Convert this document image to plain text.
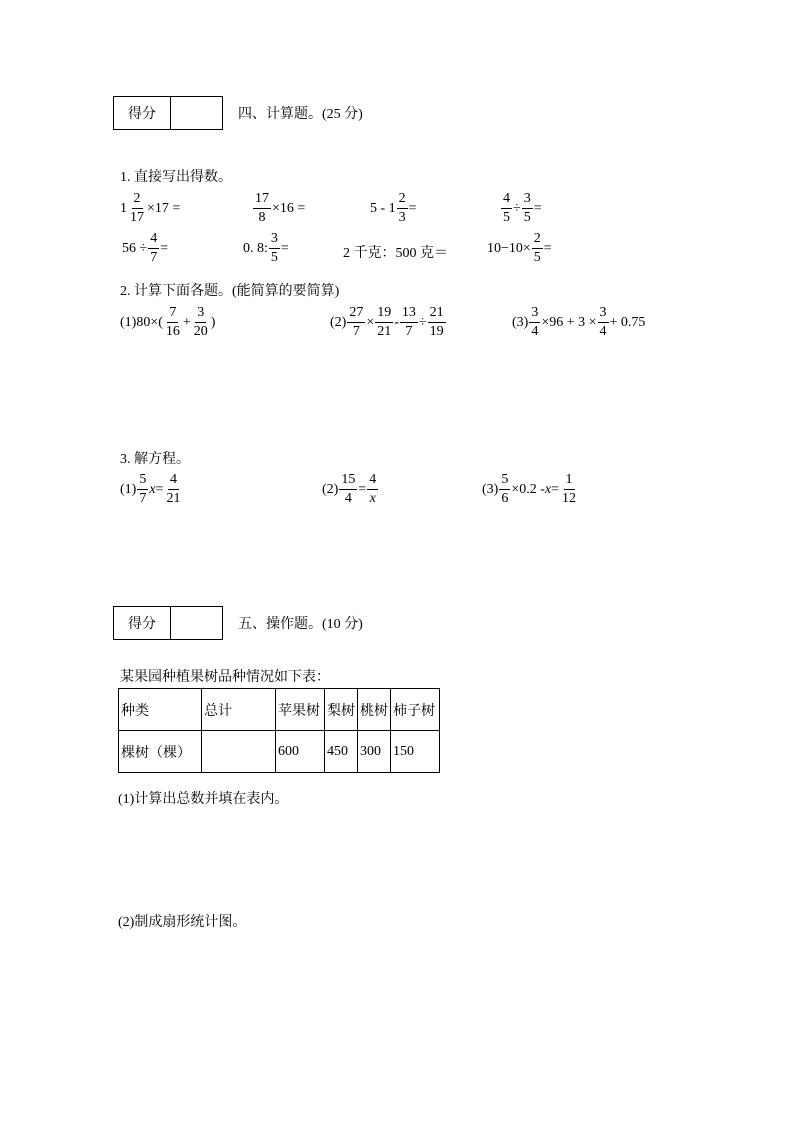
得分	四、计算题。(25 分)
1. 直接写出得数。
$1 \frac{2}{17} \times 17$ =	$\frac{17}{8} \times 16$ =	$5 - 1 \frac{2}{3}$ =	$\frac{4}{5} \div \frac{3}{5}$ =
$56 \div \frac{4}{7}$ =	0. 8: $\frac{3}{5}$ =	2 千克：500 克＝	$10-10\times \frac{2}{5}$ =
2. 计算下面各题。(能简算的要简算)
$(1)80\times( \frac{7}{16} + \frac{3}{20}$ )	$(2) \frac{27}{7} \times \frac{19}{21} - \frac{13}{7} \div \frac{21}{19}$	$(3) \frac{3}{4} \times 96 + 3 \times \frac{3}{4} + 0.75$
3. 解方程。
$(1) \frac{5}{7}$ $x = \frac{4}{21}$	$(2) \frac{15}{4} = \frac{4}{x}$	$(3) \frac{5}{6} \times 0.2 - x = \frac{1}{12}$
得分	五、操作题。(10 分)
某果园种植果树品种情况如下表：
种类	总计	苹果树	梨树	桃树	柿子树
棵树（棵）		600	450	300	150
(1)计算出总数并填在表内。
(2)制成扇形统计图。
